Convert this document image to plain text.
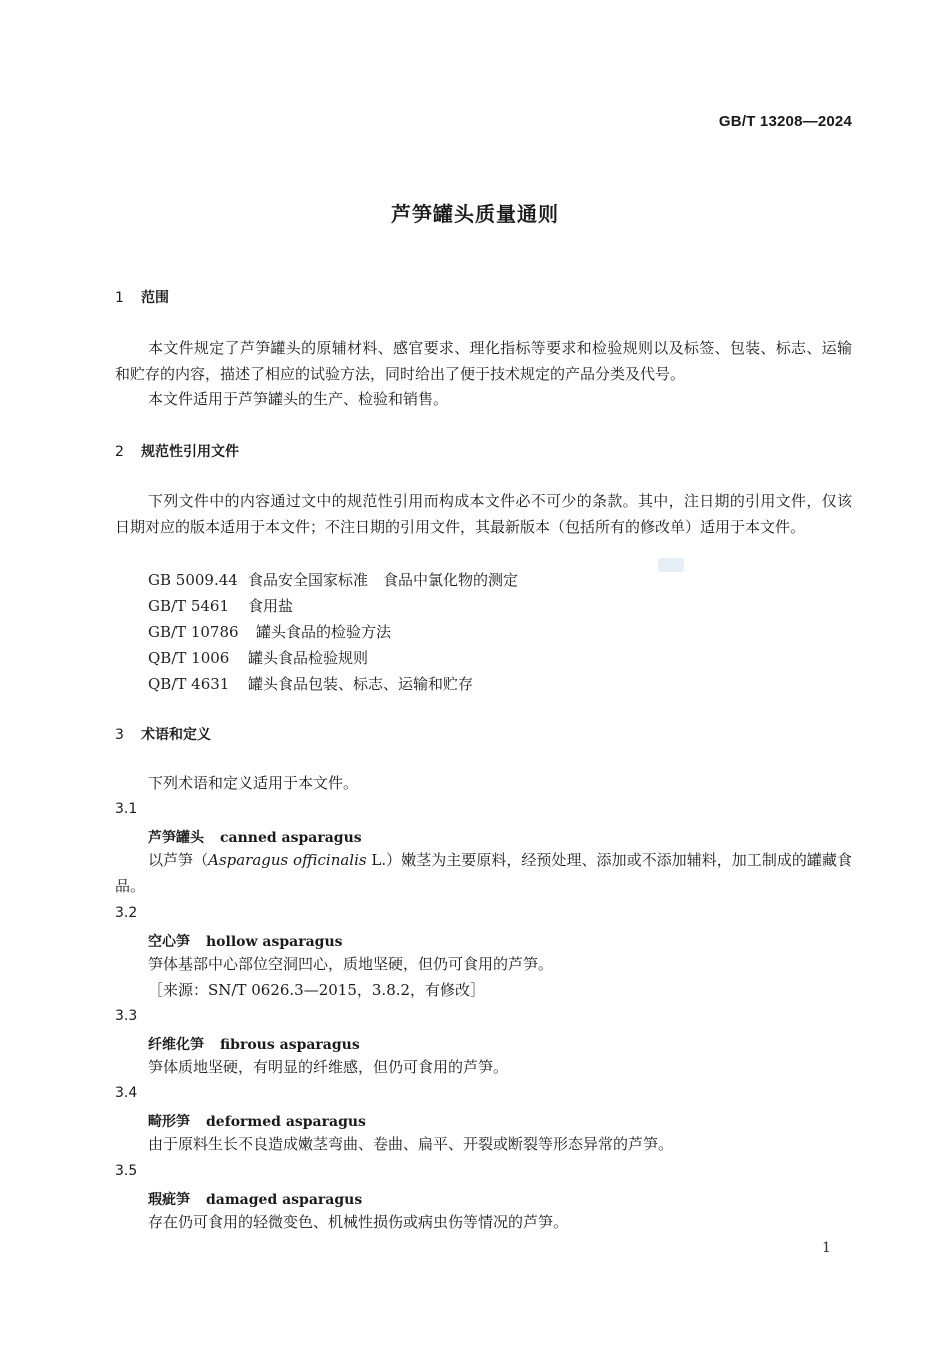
GB/T 13208—2024
芦笋罐头质量通则
1 范围
本文件规定了芦笋罐头的原辅材料、感官要求、理化指标等要求和检验规则以及标签、包装、标志、运输和贮存的内容，描述了相应的试验方法，同时给出了便于技术规定的产品分类及代号。
本文件适用于芦笋罐头的生产、检验和销售。
2 规范性引用文件
下列文件中的内容通过文中的规范性引用而构成本文件必不可少的条款。其中，注日期的引用文件，仅该日期对应的版本适用于本文件；不注日期的引用文件，其最新版本（包括所有的修改单）适用于本文件。
GB 5009.44 食品安全国家标准　食品中氯化物的测定
GB/T 5461 食用盐
GB/T 10786 罐头食品的检验方法
QB/T 1006 罐头食品检验规则
QB/T 4631 罐头食品包装、标志、运输和贮存
3 术语和定义
下列术语和定义适用于本文件。
3.1
芦笋罐头 canned asparagus
以芦笋（Asparagus officinalis L.）嫩茎为主要原料，经预处理、添加或不添加辅料，加工制成的罐藏食品。
3.2
空心笋 hollow asparagus
笋体基部中心部位空洞凹心，质地坚硬，但仍可食用的芦笋。
［来源：SN/T 0626.3—2015，3.8.2，有修改］
3.3
纤维化笋 fibrous asparagus
笋体质地坚硬，有明显的纤维感，但仍可食用的芦笋。
3.4
畸形笋 deformed asparagus
由于原料生长不良造成嫩茎弯曲、卷曲、扁平、开裂或断裂等形态异常的芦笋。
3.5
瑕疵笋 damaged asparagus
存在仍可食用的轻微变色、机械性损伤或病虫伤等情况的芦笋。
1
